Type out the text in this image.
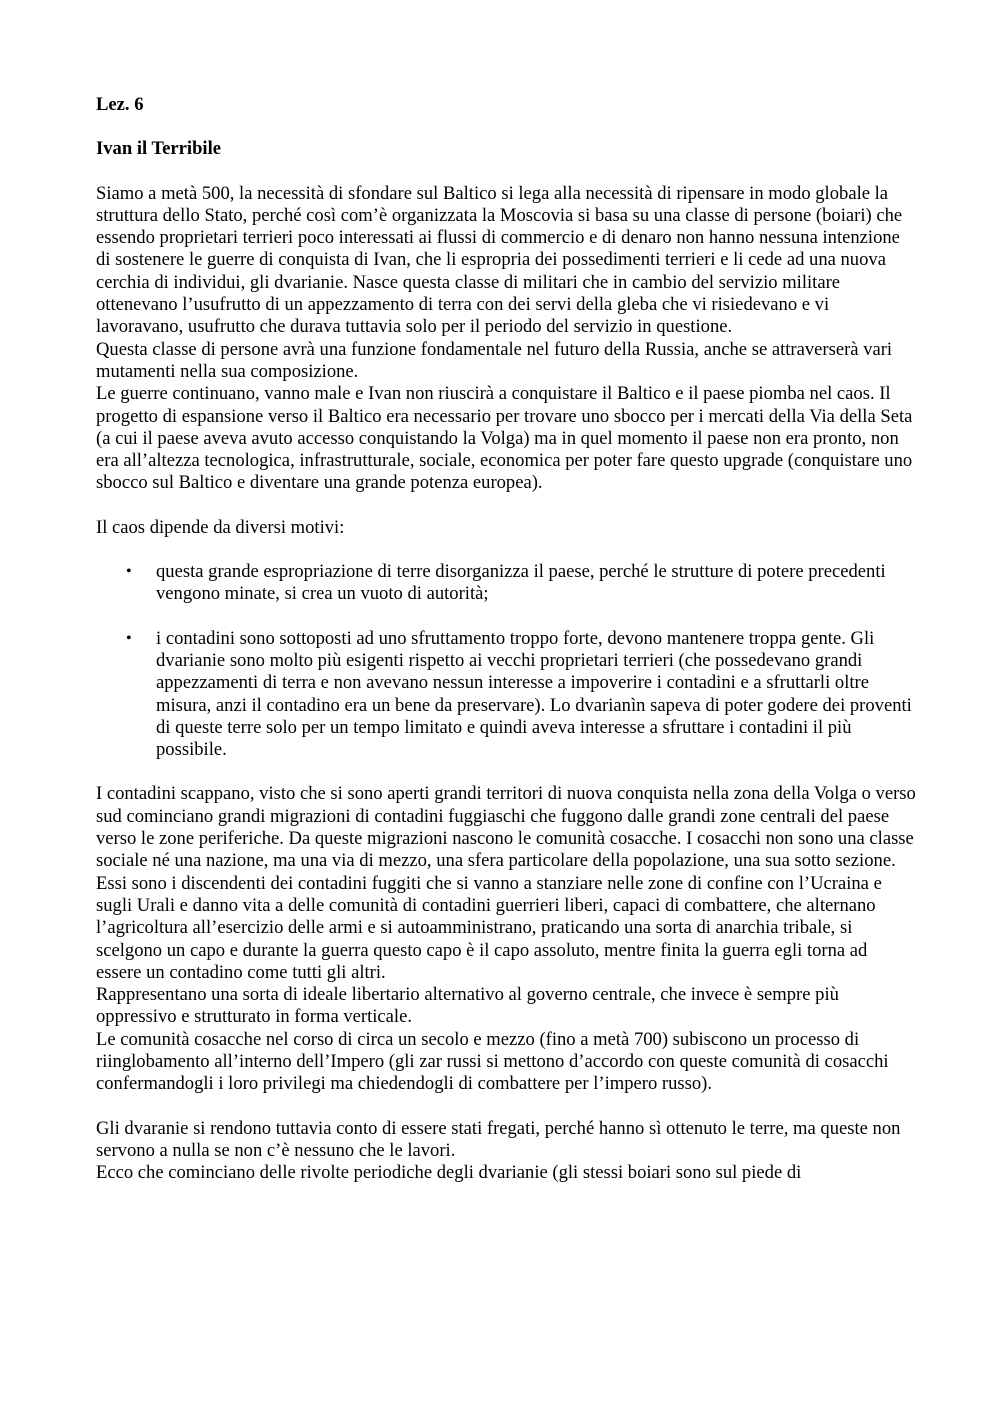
Lez. 6

Ivan il Terribile

Siamo a metà 500, la necessità di sfondare sul Baltico si lega alla necessità di ripensare in modo globale la struttura dello Stato, perché così com’è organizzata la Moscovia si basa su una classe di persone (boiari) che essendo proprietari terrieri poco interessati ai flussi di commercio e di denaro non hanno nessuna intenzione di sostenere le guerre di conquista di Ivan, che li espropria dei possedimenti terrieri e li cede ad una nuova cerchia di individui, gli dvarianie. Nasce questa classe di militari che in cambio del servizio militare ottenevano l’usufrutto di un appezzamento di terra con dei servi della gleba che vi risiedevano e vi lavoravano, usufrutto che durava tuttavia solo per il periodo del servizio in questione.

Questa classe di persone avrà una funzione fondamentale nel futuro della Russia, anche se attraverserà vari mutamenti nella sua composizione.

Le guerre continuano, vanno male e Ivan non riuscirà a conquistare il Baltico e il paese piomba nel caos. Il progetto di espansione verso il Baltico era necessario per trovare uno sbocco per i mercati della Via della Seta (a cui il paese aveva avuto accesso conquistando la Volga) ma in quel momento il paese non era pronto, non era all’altezza tecnologica, infrastrutturale, sociale, economica per poter fare questo upgrade (conquistare uno sbocco sul Baltico e diventare una grande potenza europea).

Il caos dipende da diversi motivi:

• questa grande espropriazione di terre disorganizza il paese, perché le strutture di potere precedenti vengono minate, si crea un vuoto di autorità;
• i contadini sono sottoposti ad uno sfruttamento troppo forte, devono mantenere troppa gente. Gli dvarianie sono molto più esigenti rispetto ai vecchi proprietari terrieri (che possedevano grandi appezzamenti di terra e non avevano nessun interesse a impoverire i contadini e a sfruttarli oltre misura, anzi il contadino era un bene da preservare). Lo dvarianìn sapeva di poter godere dei proventi di queste terre solo per un tempo limitato e quindi aveva interesse a sfruttare i contadini il più possibile.

I contadini scappano, visto che si sono aperti grandi territori di nuova conquista nella zona della Volga o verso sud cominciano grandi migrazioni di contadini fuggiaschi che fuggono dalle grandi zone centrali del paese verso le zone periferiche. Da queste migrazioni nascono le comunità cosacche. I cosacchi non sono una classe sociale né una nazione, ma una via di mezzo, una sfera particolare della popolazione, una sua sotto sezione. Essi sono i discendenti dei contadini fuggiti che si vanno a stanziare nelle zone di confine con l’Ucraina e sugli Urali e danno vita a delle comunità di contadini guerrieri liberi, capaci di combattere, che alternano l’agricoltura all’esercizio delle armi e si autoamministrano, praticando una sorta di anarchia tribale, si scelgono un capo e durante la guerra questo capo è il capo assoluto, mentre finita la guerra egli torna ad essere un contadino come tutti gli altri.

Rappresentano una sorta di ideale libertario alternativo al governo centrale, che invece è sempre più oppressivo e strutturato in forma verticale.

Le comunità cosacche nel corso di circa un secolo e mezzo (fino a metà 700) subiscono un processo di riinglobamento all’interno dell’Impero (gli zar russi si mettono d’accordo con queste comunità di cosacchi confermandogli i loro privilegi ma chiedendogli di combattere per l’impero russo).

Gli dvaranie si rendono tuttavia conto di essere stati fregati, perché hanno sì ottenuto le terre, ma queste non servono a nulla se non c’è nessuno che le lavori.

Ecco che cominciano delle rivolte periodiche degli dvarianie (gli stessi boiari sono sul piede di
